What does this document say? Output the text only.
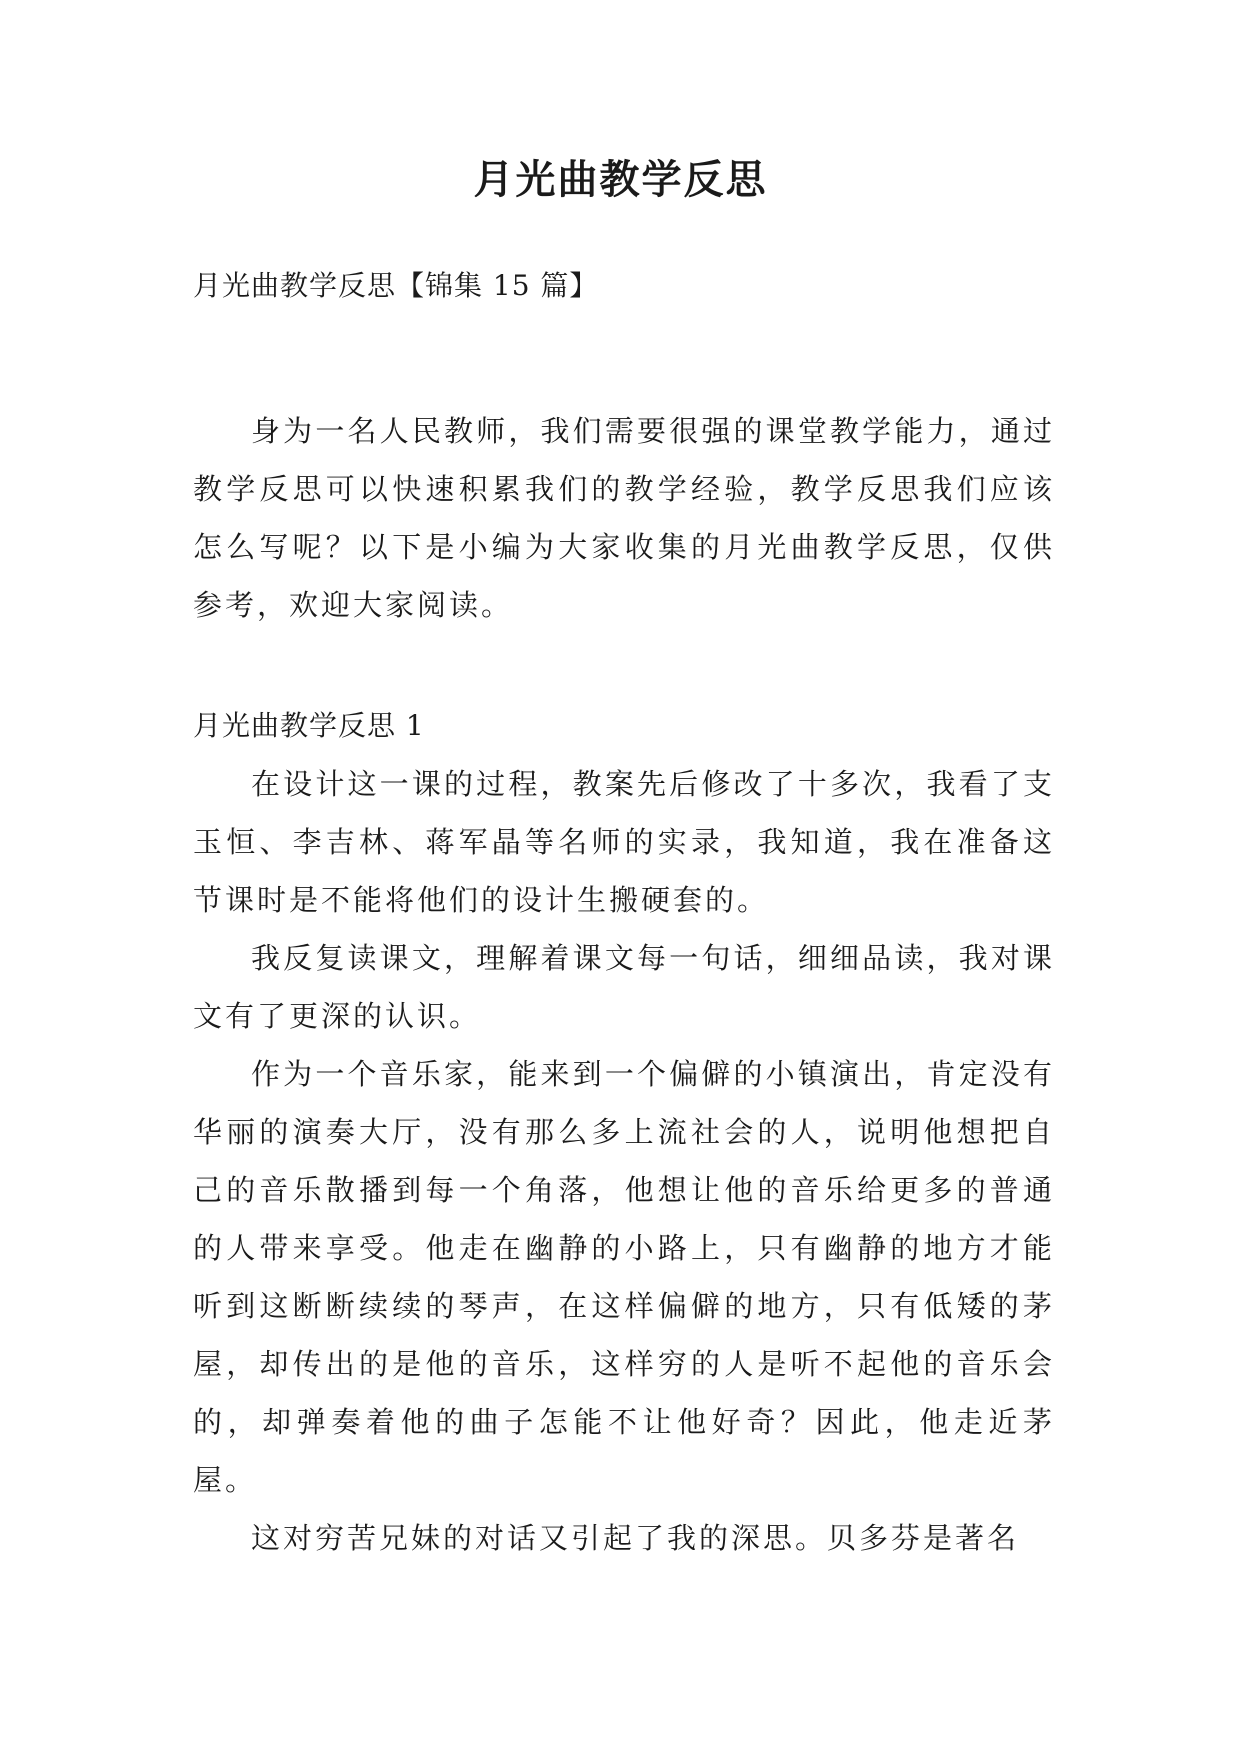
月光曲教学反思
月光曲教学反思【锦集 15 篇】

身为一名人民教师，我们需要很强的课堂教学能力，通过教学反思可以快速积累我们的教学经验，教学反思我们应该怎么写呢？以下是小编为大家收集的月光曲教学反思，仅供参考，欢迎大家阅读。

月光曲教学反思 1

在设计这一课的过程，教案先后修改了十多次，我看了支玉恒、李吉林、蒋军晶等名师的实录，我知道，我在准备这节课时是不能将他们的设计生搬硬套的。

我反复读课文，理解着课文每一句话，细细品读，我对课文有了更深的认识。

作为一个音乐家，能来到一个偏僻的小镇演出，肯定没有华丽的演奏大厅，没有那么多上流社会的人，说明他想把自己的音乐散播到每一个角落，他想让他的音乐给更多的普通的人带来享受。他走在幽静的小路上，只有幽静的地方才能听到这断断续续的琴声，在这样偏僻的地方，只有低矮的茅屋，却传出的是他的音乐，这样穷的人是听不起他的音乐会的，却弹奏着他的曲子怎能不让他好奇？因此，他走近茅屋。

这对穷苦兄妹的对话又引起了我的深思。贝多芬是著名
